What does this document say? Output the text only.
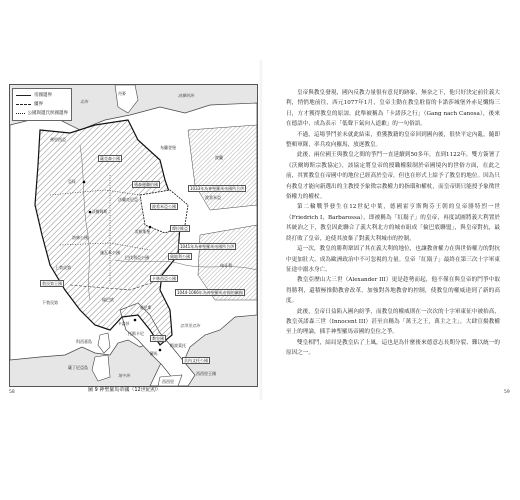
帝國邊界
疆界
公國與邊氏侯國邊界
波羅的海
北海
丹麥
波蘭
弗里西亞
薩克森公國
布蘭登堡
1033年為神聖羅馬帝國所合併
波希米亞
邁森邊疆伯國
波希米亞公國
雷根斯堡
摩拉維亞
1041年為神聖羅馬帝國所合併
奧地利公國
匈牙利
卡林西亞公國
1044-1066年為神聖羅馬帝國的屬國
法蘭克尼亞
沃爾姆斯
亞琛
洛林公國
施瓦本公國
巴伐利亞公國
上勃艮第
勃艮第王國
下勃艮第
倫巴底
威尼斯
卡諾莎
托斯卡尼
教皇國
亞得里亞海
羅馬
斯波萊托
貝內文托公國
科西嘉島
薩丁尼亞島
西西里王國
西西里
地中海
圖 9 神聖羅馬帝國（12世紀初）
58

皇帝與教皇發現，國內反教力量很有意見的跡象，無奈之下，他只好決定前往義大利，悄悄地前往，西元1077年1月，皇帝主動在教皇駐留的卡諾莎城堡外赤足懺悔三日，方才獲得教皇的原諒。此舉被稱為「卡諾莎之行」（Gang nach Canosa），後來在德語中，成為表示「低聲下氣向人道歉」的一句俗語。

不過，這場爭鬥並未就此結束，重獲教籍的皇帝回到國內後，很快平定內亂，隨即整頓軍隊，率兵攻向羅馬，放逐教皇。

此後，兩位國王與教皇之間的爭鬥一直延續到50多年，直到1122年，雙方簽署了《沃爾姆斯宗教協定》，該協定將皇帝的授職權限制於帝國境內的世俗方面，在此之前，其實教皇在帝國中的地位已經高於皇帝，但也在形式上給予了教皇的地位。因為只有教皇才能向新選出的主教授予象徵宗教權力的指環和權杖，而皇帝則只能授予象徵世俗權力的權杖。

第二輪戰爭發生在12世紀中葉，德國霍亨斯陶芬王朝的皇帝腓特烈一世（Friedrich I，Barbarossa），即被稱為「紅鬍子」的皇帝，再度試圖將義大利置於其統治之下，教皇因此聯合了義大利北方的城市組成「倫巴底聯盟」，與皇帝對抗，最終打敗了皇帝，迫使其放棄了對義大利城市的控制。

這一次，教皇的勝利鞏固了其在義大利的地位，也讓教會權力在與世俗權力的對抗中更加壯大，成為歐洲政治中不可忽視的力量。皇帝「紅鬍子」最終在第三次十字軍東征途中溺水身亡。

教皇亞歷山大三世（Alexander III）更是趁勢而起，他不僅在與皇帝的鬥爭中取得勝利，還積極推動教會改革，加強對各地教會的控制，使教皇的權威達到了新的高度。

此後，皇帝日益陷入國內紛爭，而教皇的權威則在一次次的十字軍東征中被抬高，教皇英諾森三世（Innocent III）甚至自稱為「萬王之王，萬主之主」，大肆宣揚教權至上的理論，插手神聖羅馬帝國的皇位之爭。

雙皇相鬥，結局是教皇佔了上風，這也是為什麼後來德意志長期分裂、難以統一的原因之一。

59
